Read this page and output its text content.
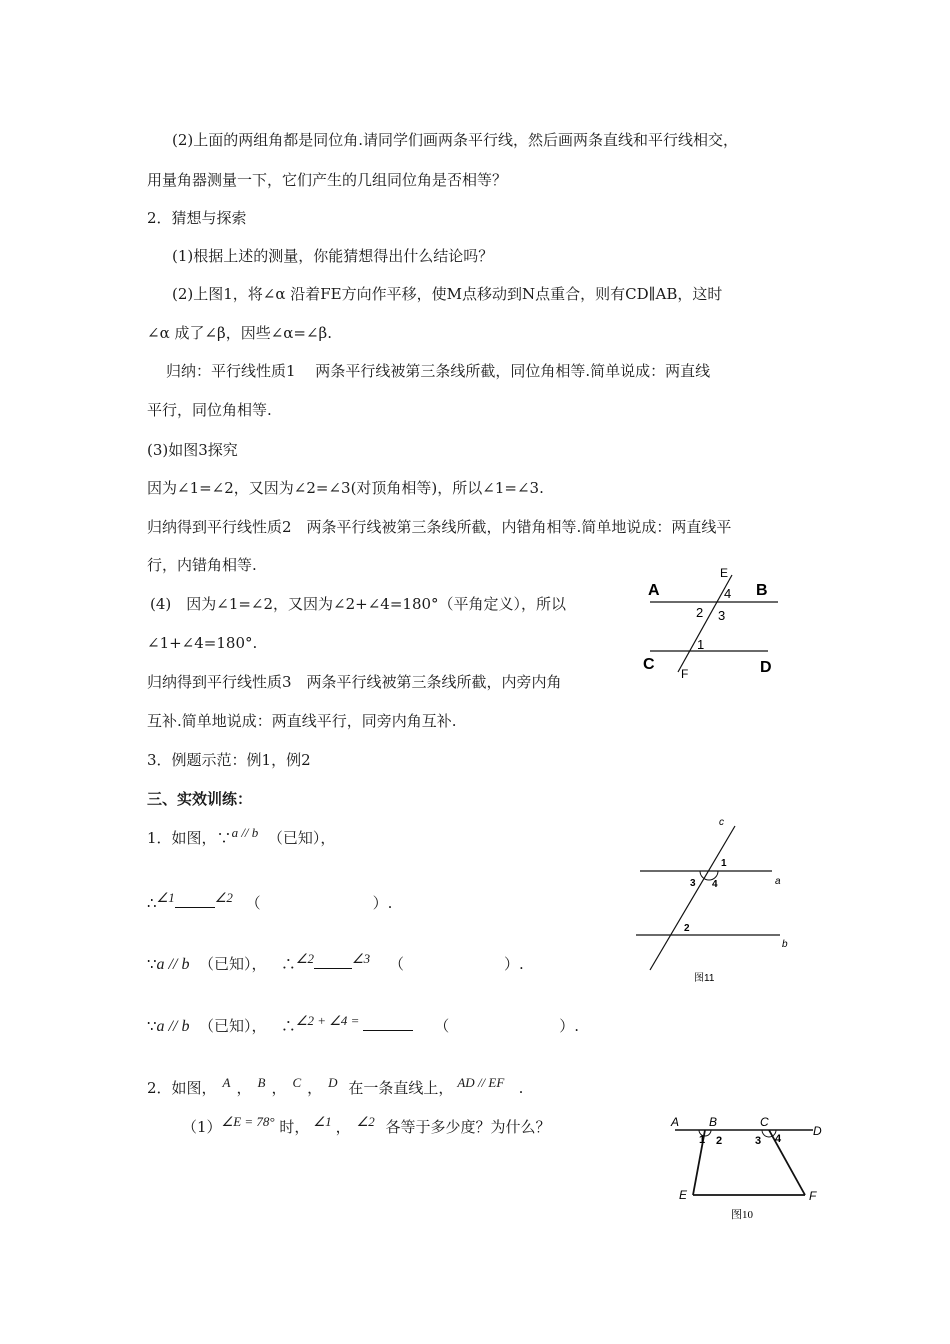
(2)上面的两组角都是同位角.请同学们画两条平行线，然后画两条直线和平行线相交，
用量角器测量一下，它们产生的几组同位角是否相等？
2．猜想与探索
(1)根据上述的测量，你能猜想得出什么结论吗？
(2)上图1，将∠α 沿着FE方向作平移，使M点移动到N点重合，则有CD∥AB，这时
∠α 成了∠β，因些∠α=∠β.
归纳：平行线性质1　 两条平行线被第三条线所截，同位角相等.简单说成：两直线
平行，同位角相等.
(3)如图3探究
因为∠1=∠2，又因为∠2=∠3(对顶角相等)，所以∠1=∠3.
归纳得到平行线性质2　两条平行线被第三条线所截，内错角相等.简单地说成：两直线平
行，内错角相等.
(4)　因为∠1=∠2，又因为∠2+∠4=180°（平角定义），所以
∠1+∠4=180°.
归纳得到平行线性质3　两条平行线被第三条线所截，内旁内角
互补.简单地说成：两直线平行，同旁内角互补.
3．例题示范：例1，例2
三、实效训练：
1．如图，∵a // b （已知），
∴∠1	∠2 （	）.
∵a // b （已知）， ∴∠2	∠3 （	）.
∵a // b （已知）， ∴∠2 + ∠4 =	（	）.
2．如图， A ， B ， C ， D 在一条直线上， AD // EF .
（1）∠E = 78° 时， ∠1 ， ∠2 各等于多少度？为什么？
A	B
C	D
E
F
4
2 3
1
c
a
b
1
3 4
2
图11
A B	C
D
E	F
1 2	3 4
图10
